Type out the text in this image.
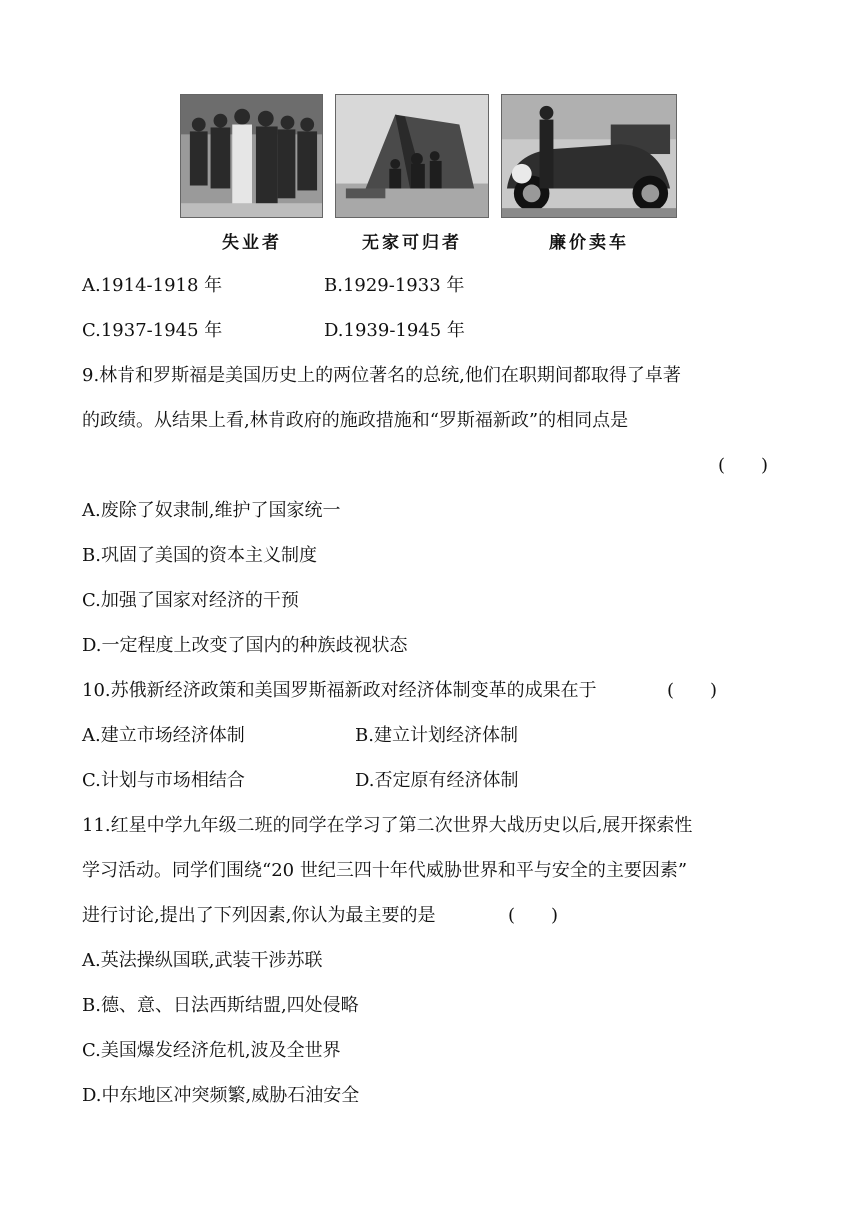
失业者	无家可归者	廉价卖车
A.1914-1918 年	B.1929-1933 年
C.1937-1945 年	D.1939-1945 年
9.林肯和罗斯福是美国历史上的两位著名的总统,他们在职期间都取得了卓著
的政绩。从结果上看,林肯政府的施政措施和“罗斯福新政”的相同点是
(　　)
A.废除了奴隶制,维护了国家统一
B.巩固了美国的资本主义制度
C.加强了国家对经济的干预
D.一定程度上改变了国内的种族歧视状态
10.苏俄新经济政策和美国罗斯福新政对经济体制变革的成果在于	(　　)
A.建立市场经济体制	B.建立计划经济体制
C.计划与市场相结合	D.否定原有经济体制
11.红星中学九年级二班的同学在学习了第二次世界大战历史以后,展开探索性
学习活动。同学们围绕“20 世纪三四十年代威胁世界和平与安全的主要因素”
进行讨论,提出了下列因素,你认为最主要的是	(　　)
A.英法操纵国联,武装干涉苏联
B.德、意、日法西斯结盟,四处侵略
C.美国爆发经济危机,波及全世界
D.中东地区冲突频繁,威胁石油安全
